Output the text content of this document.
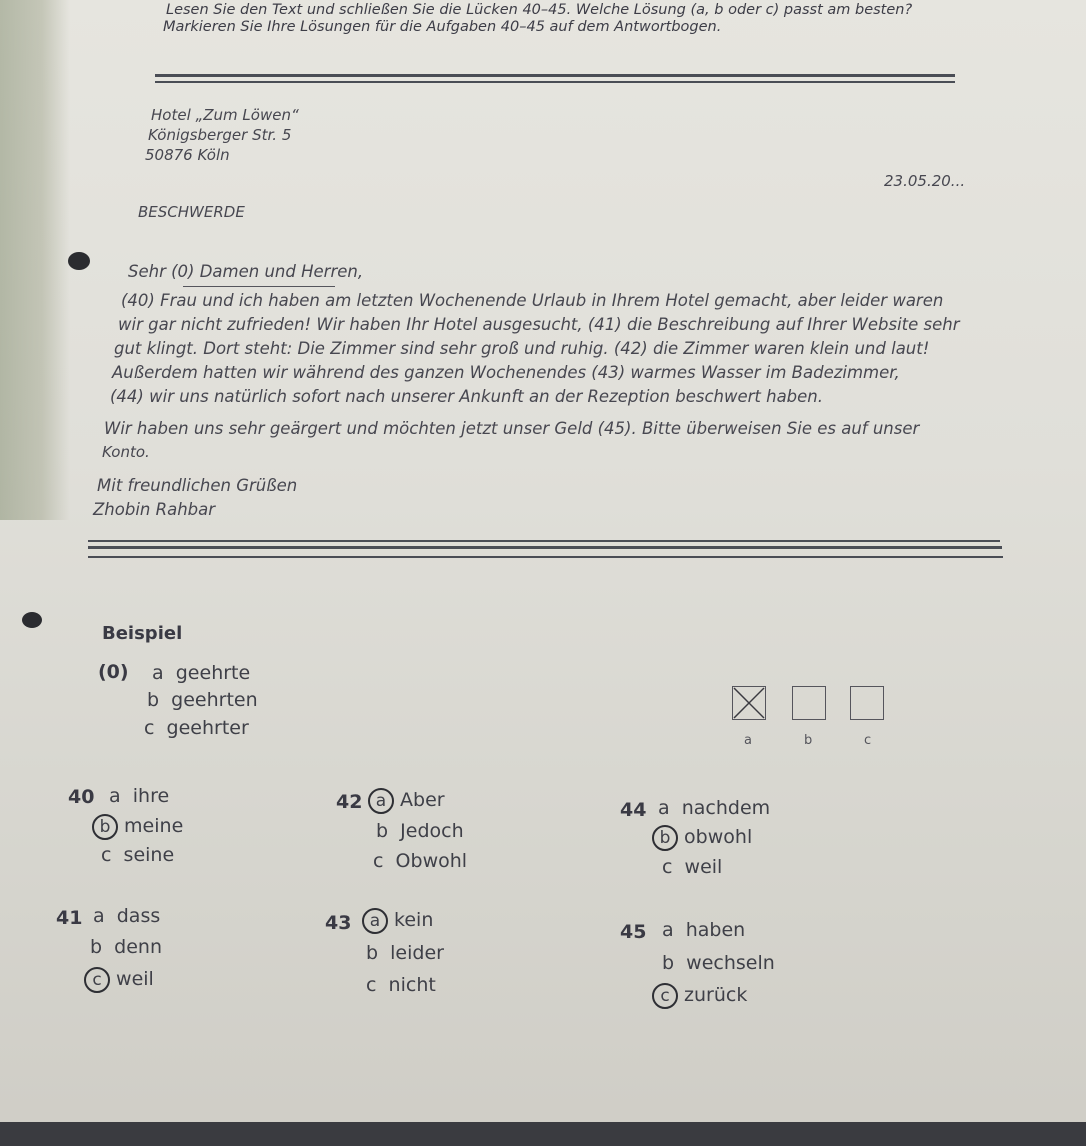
Lesen Sie den Text und schließen Sie die Lücken 40–45. Welche Lösung (a, b oder c) passt am besten?
Markieren Sie Ihre Lösungen für die Aufgaben 40–45 auf dem Antwortbogen.
Hotel „Zum Löwen“
Königsberger Str. 5
50876 Köln
23.05.20...
BESCHWERDE
Sehr (0) Damen und Herren,
(40) Frau und ich haben am letzten Wochenende Urlaub in Ihrem Hotel gemacht, aber leider waren
wir gar nicht zufrieden! Wir haben Ihr Hotel ausgesucht, (41) die Beschreibung auf Ihrer Website sehr
gut klingt. Dort steht: Die Zimmer sind sehr groß und ruhig. (42) die Zimmer waren klein und laut!
Außerdem hatten wir während des ganzen Wochenendes (43) warmes Wasser im Badezimmer,
(44) wir uns natürlich sofort nach unserer Ankunft an der Rezeption beschwert haben.
Wir haben uns sehr geärgert und möchten jetzt unser Geld (45). Bitte überweisen Sie es auf unser
Konto.
Mit freundlichen Grüßen
Zhobin Rahbar
Beispiel
(0) a geehrte
b geehrten
c geehrter
a	b	c
40 a ihre
b meine
c seine
42 a Aber
b Jedoch
c Obwohl
44 a nachdem
b obwohl
c weil
41 a dass
b denn
c weil
43	a kein
b leider
c nicht
45 a haben
b wechseln
c zurück
